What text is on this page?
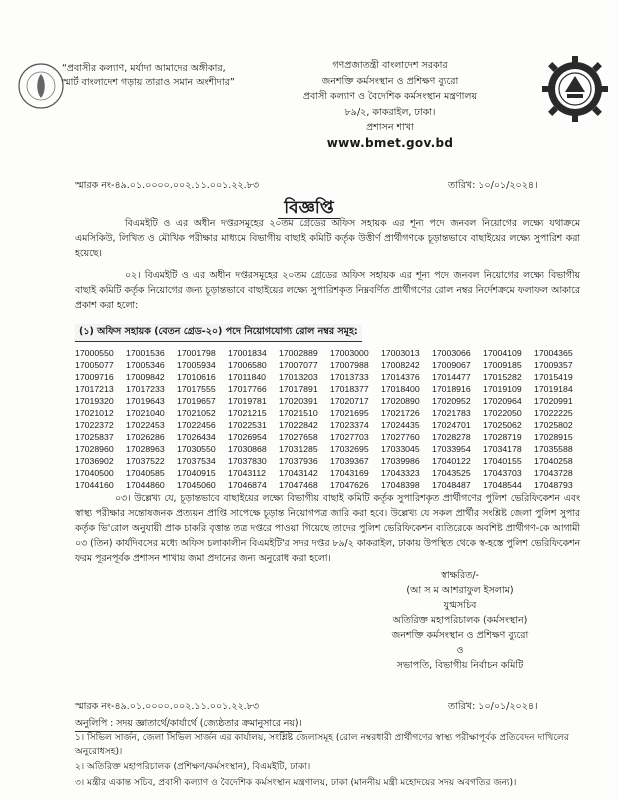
“প্রবাসীর কল্যাণ, মর্যাদা আমাদের অঙ্গীকার,
স্মার্ট বাংলাদেশ গড়ায় তারাও সমান অংশীদার”
গণপ্রজাতন্ত্রী বাংলাদেশ সরকার
জনশক্তি কর্মসংস্থান ও প্রশিক্ষণ ব্যুরো
প্রবাসী কল্যাণ ও বৈদেশিক কর্মসংস্থান মন্ত্রণালয়
৮৯/২, কাকরাইল, ঢাকা।
প্রশাসন শাখা
www.bmet.gov.bd
স্মারক নং-৪৯.০১.০০০০.০০২.১১.০০১.২২.৮৩	তারিখ: ১০/০১/২০২৪।
বিজ্ঞপ্তি
বিএমইটি ও এর অধীন দপ্তরসমূহের ২০তম গ্রেডের অফিস সহায়ক এর শূন্য পদে জনবল নিয়োগের লক্ষ্যে যথাক্রমে এমসিকিউ, লিখিত ও মৌখিক পরীক্ষার মাধ্যমে বিভাগীয় বাছাই কমিটি কর্তৃক উত্তীর্ণ প্রার্থীগণকে চূড়ান্তভাবে বাছাইয়ের লক্ষ্যে সুপারিশ করা হয়েছে।
০২। বিএমইটি ও এর অধীন দপ্তরসমূহের ২০তম গ্রেডের অফিস সহায়ক এর শূন্য পদে জনবল নিয়োগের লক্ষ্যে বিভাগীয় বাছাই কমিটি কর্তৃক নিয়োগের জন্য চূড়ান্তভাবে বাছাইয়ের লক্ষ্যে সুপারিশকৃত নিম্নবর্ণিত প্রার্থীগণের রোল নম্বর নির্দেশক্রমে ফলাফল আকারে প্রকাশ করা হলো:
(১) অফিস সহায়ক (বেতন গ্রেড-২০) পদে নিয়োগযোগ্য রোল নম্বর সমূহ:
17000550	17001536	17001798	17001834	17002889	17003000	17003013	17003066	17004109	17004365
17005077	17005346	17005934	17006580	17007077	17007988	17008242	17009067	17009185	17009357
17009716	17009842	17010616	17011840	17013203	17013733	17014376	17014477	17015282	17015419
17017213	17017233	17017555	17017766	17017891	17018377	17018400	17018916	17019109	17019184
17019320	17019643	17019657	17019781	17020391	17020717	17020890	17020952	17020964	17020991
17021012	17021040	17021052	17021215	17021510	17021695	17021726	17021783	17022050	17022225
17022372	17022453	17022456	17022531	17022842	17023374	17024435	17024701	17025062	17025802
17025837	17026286	17026434	17026954	17027658	17027703	17027760	17028278	17028719	17028915
17028960	17028963	17030550	17030868	17031285	17032695	17033045	17033954	17034178	17035588
17036902	17037522	17037534	17037830	17037936	17039367	17039986	17040122	17040155	17040258
17040500	17040585	17040915	17043112	17043142	17043169	17043323	17043525	17043703	17043728
17044160	17044860	17045060	17046874	17047468	17047626	17048398	17048487	17048544	17048793
০৩। উল্লেখ্য যে, চূড়ান্তভাবে বাছাইয়ের লক্ষ্যে বিভাগীয় বাছাই কমিটি কর্তৃক সুপারিশকৃত প্রার্থীগণের পুলিশ ভেরিফিকেশন এবং স্বাস্থ্য পরীক্ষার সন্তোষজনক প্রত্যয়ন প্রাপ্তি সাপেক্ষে চূড়ান্ত নিয়োগপত্র জারি করা হবে। উল্লেখ্য যে সকল প্রার্থীর সংশ্লিষ্ট জেলা পুলিশ সুপার কর্তৃক ভি'রোল অনুযায়ী প্রাক চাকরি বৃত্তান্ত তত্র দপ্তরে পাওয়া গিয়েছে তাদের পুলিশ ভেরিফিকেশন ব্যতিরেকে অবশিষ্ট প্রার্থীগণ-কে আগামী ০৩ (তিন) কার্যদিবসের মধ্যে অফিস চলাকালীন বিএমইটি'র সদর দপ্তর ৮৯/২ কাকরাইল, ঢাকায় উপস্থিত থেকে স্ব-হস্তে পুলিশ ভেরিফিকেশন ফরম পূরনপূর্বক প্রশাসন শাখায় জমা প্রদানের জন্য অনুরোধ করা হলো।
স্বাক্ষরিত/-
(আ স ম আশরাফুল ইসলাম)
যুগ্মসচিব
অতিরিক্ত মহাপরিচালক (কর্মসংস্থান)
জনশক্তি কর্মসংস্থান ও প্রশিক্ষণ ব্যুরো
ও
সভাপতি, বিভাগীয় নির্বাচন কমিটি
স্মারক নং-৪৯.০১.০০০০.০০২.১১.০০১.২২.৮৩	তারিখ: ১০/০১/২০২৪।
অনুলিপি : সদয় জ্ঞাতার্থে/কার্যার্থে (জ্যেষ্ঠতার ক্রমানুসারে নয়)।
১। সিভিল সার্জন, জেলা সিভিল সার্জন এর কার্যালয়, সংশ্লিষ্ট জেলাসমূহ (রোল নম্বরধারী প্রার্থীগণের স্বাস্থ্য পরীক্ষাপূর্বক প্রতিবেদন দাখিলের অনুরোধসহ)।
২। অতিরিক্ত মহাপরিচালক (প্রশিক্ষণ/কর্মসংস্থান), বিএমইটি, ঢাকা।
৩। মন্ত্রীর একান্ত সচিব, প্রবাসী কল্যাণ ও বৈদেশিক কর্মসংস্থান মন্ত্রণালয়, ঢাকা (মাননীয় মন্ত্রী মহোদয়ের সদয় অবগতির জন্য)।
